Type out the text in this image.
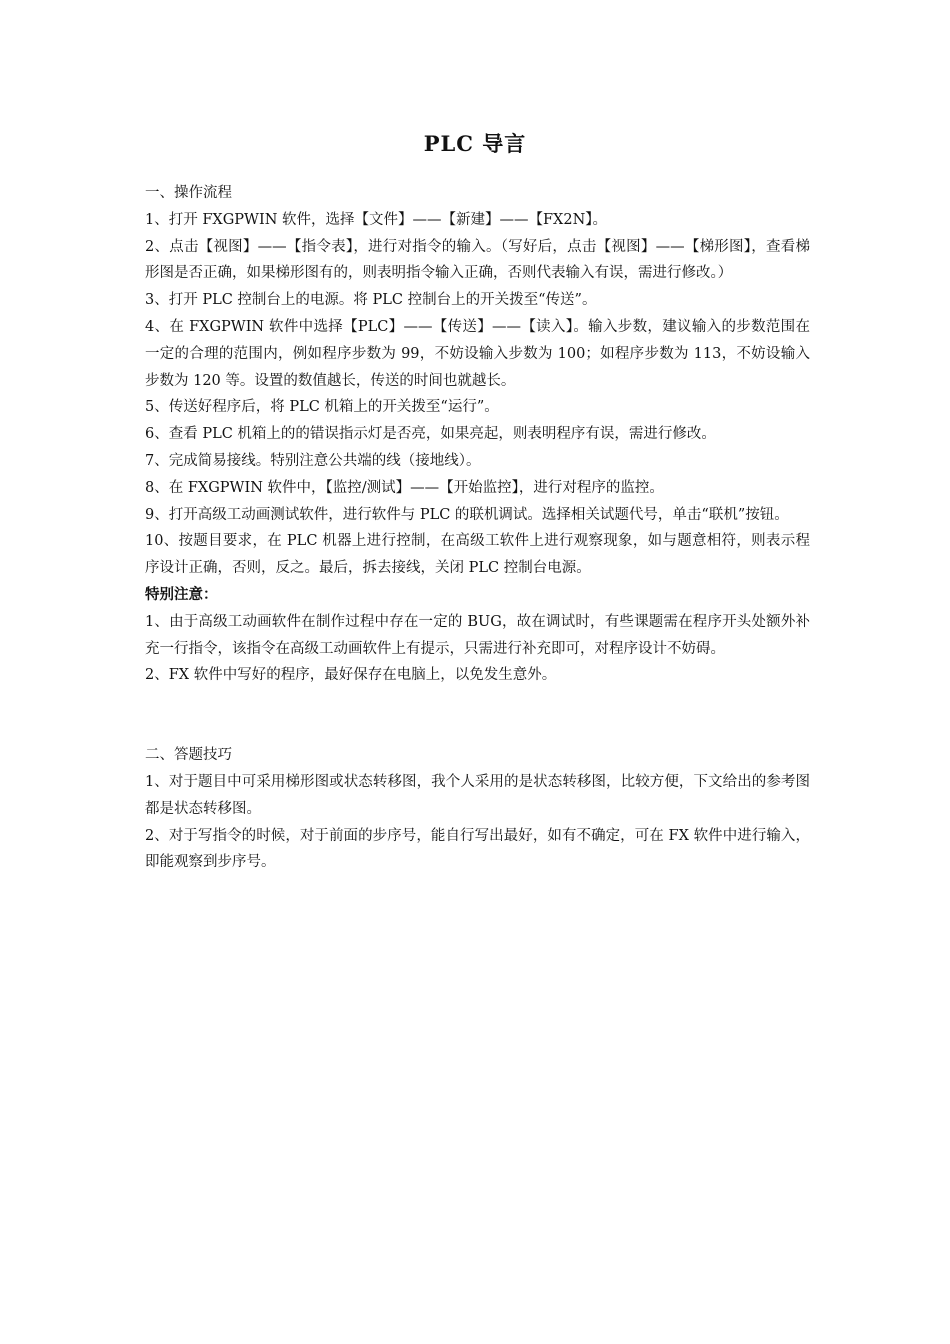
PLC 导言

一、操作流程

1、打开 FXGPWIN 软件，选择【文件】——【新建】——【FX2N】。

2、点击【视图】——【指令表】，进行对指令的输入。（写好后，点击【视图】——【梯形图】，查看梯形图是否正确，如果梯形图有的，则表明指令输入正确，否则代表输入有误，需进行修改。）

3、打开 PLC 控制台上的电源。将 PLC 控制台上的开关拨至“传送”。

4、在 FXGPWIN 软件中选择【PLC】——【传送】——【读入】。输入步数，建议输入的步数范围在一定的合理的范围内，例如程序步数为 99，不妨设输入步数为 100；如程序步数为 113，不妨设输入步数为 120 等。设置的数值越长，传送的时间也就越长。

5、传送好程序后，将 PLC 机箱上的开关拨至“运行”。

6、查看 PLC 机箱上的的错误指示灯是否亮，如果亮起，则表明程序有误，需进行修改。

7、完成简易接线。特别注意公共端的线（接地线）。

8、在 FXGPWIN 软件中，【监控/测试】——【开始监控】，进行对程序的监控。

9、打开高级工动画测试软件，进行软件与 PLC 的联机调试。选择相关试题代号，单击“联机”按钮。

10、按题目要求，在 PLC 机器上进行控制，在高级工软件上进行观察现象，如与题意相符，则表示程序设计正确，否则，反之。最后，拆去接线，关闭 PLC 控制台电源。

特别注意：

1、由于高级工动画软件在制作过程中存在一定的 BUG，故在调试时，有些课题需在程序开头处额外补充一行指令，该指令在高级工动画软件上有提示，只需进行补充即可，对程序设计不妨碍。

2、FX 软件中写好的程序，最好保存在电脑上，以免发生意外。

二、答题技巧

1、对于题目中可采用梯形图或状态转移图，我个人采用的是状态转移图，比较方便，下文给出的参考图都是状态转移图。

2、对于写指令的时候，对于前面的步序号，能自行写出最好，如有不确定，可在 FX 软件中进行输入，即能观察到步序号。
